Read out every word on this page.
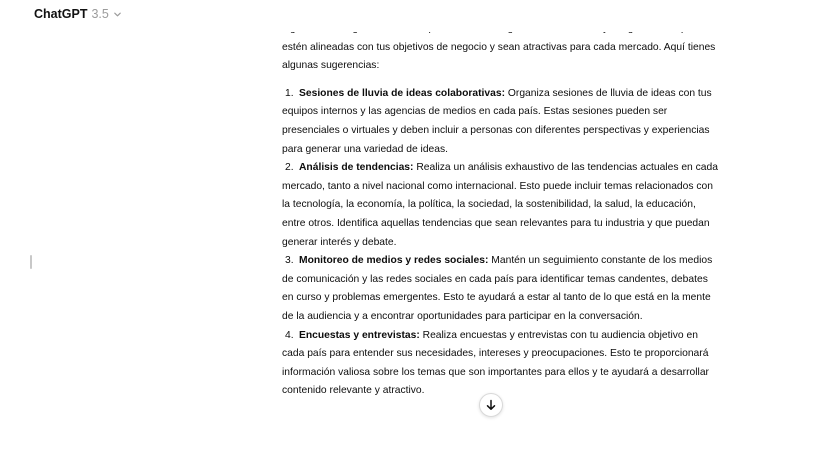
ChatGPT 3.5

estén alineadas con tus objetivos de negocio y sean atractivas para cada mercado. Aquí tienes algunas sugerencias:

1. Sesiones de lluvia de ideas colaborativas: Organiza sesiones de lluvia de ideas con tus equipos internos y las agencias de medios en cada país. Estas sesiones pueden ser presenciales o virtuales y deben incluir a personas con diferentes perspectivas y experiencias para generar una variedad de ideas.
2. Análisis de tendencias: Realiza un análisis exhaustivo de las tendencias actuales en cada mercado, tanto a nivel nacional como internacional. Esto puede incluir temas relacionados con la tecnología, la economía, la política, la sociedad, la sostenibilidad, la salud, la educación, entre otros. Identifica aquellas tendencias que sean relevantes para tu industria y que puedan generar interés y debate.
3. Monitoreo de medios y redes sociales: Mantén un seguimiento constante de los medios de comunicación y las redes sociales en cada país para identificar temas candentes, debates en curso y problemas emergentes. Esto te ayudará a estar al tanto de lo que está en la mente de la audiencia y a encontrar oportunidades para participar en la conversación.
4. Encuestas y entrevistas: Realiza encuestas y entrevistas con tu audiencia objetivo en cada país para entender sus necesidades, intereses y preocupaciones. Esto te proporcionará información valiosa sobre los temas que son importantes para ellos y te ayudará a desarrollar contenido relevante y atractivo.
